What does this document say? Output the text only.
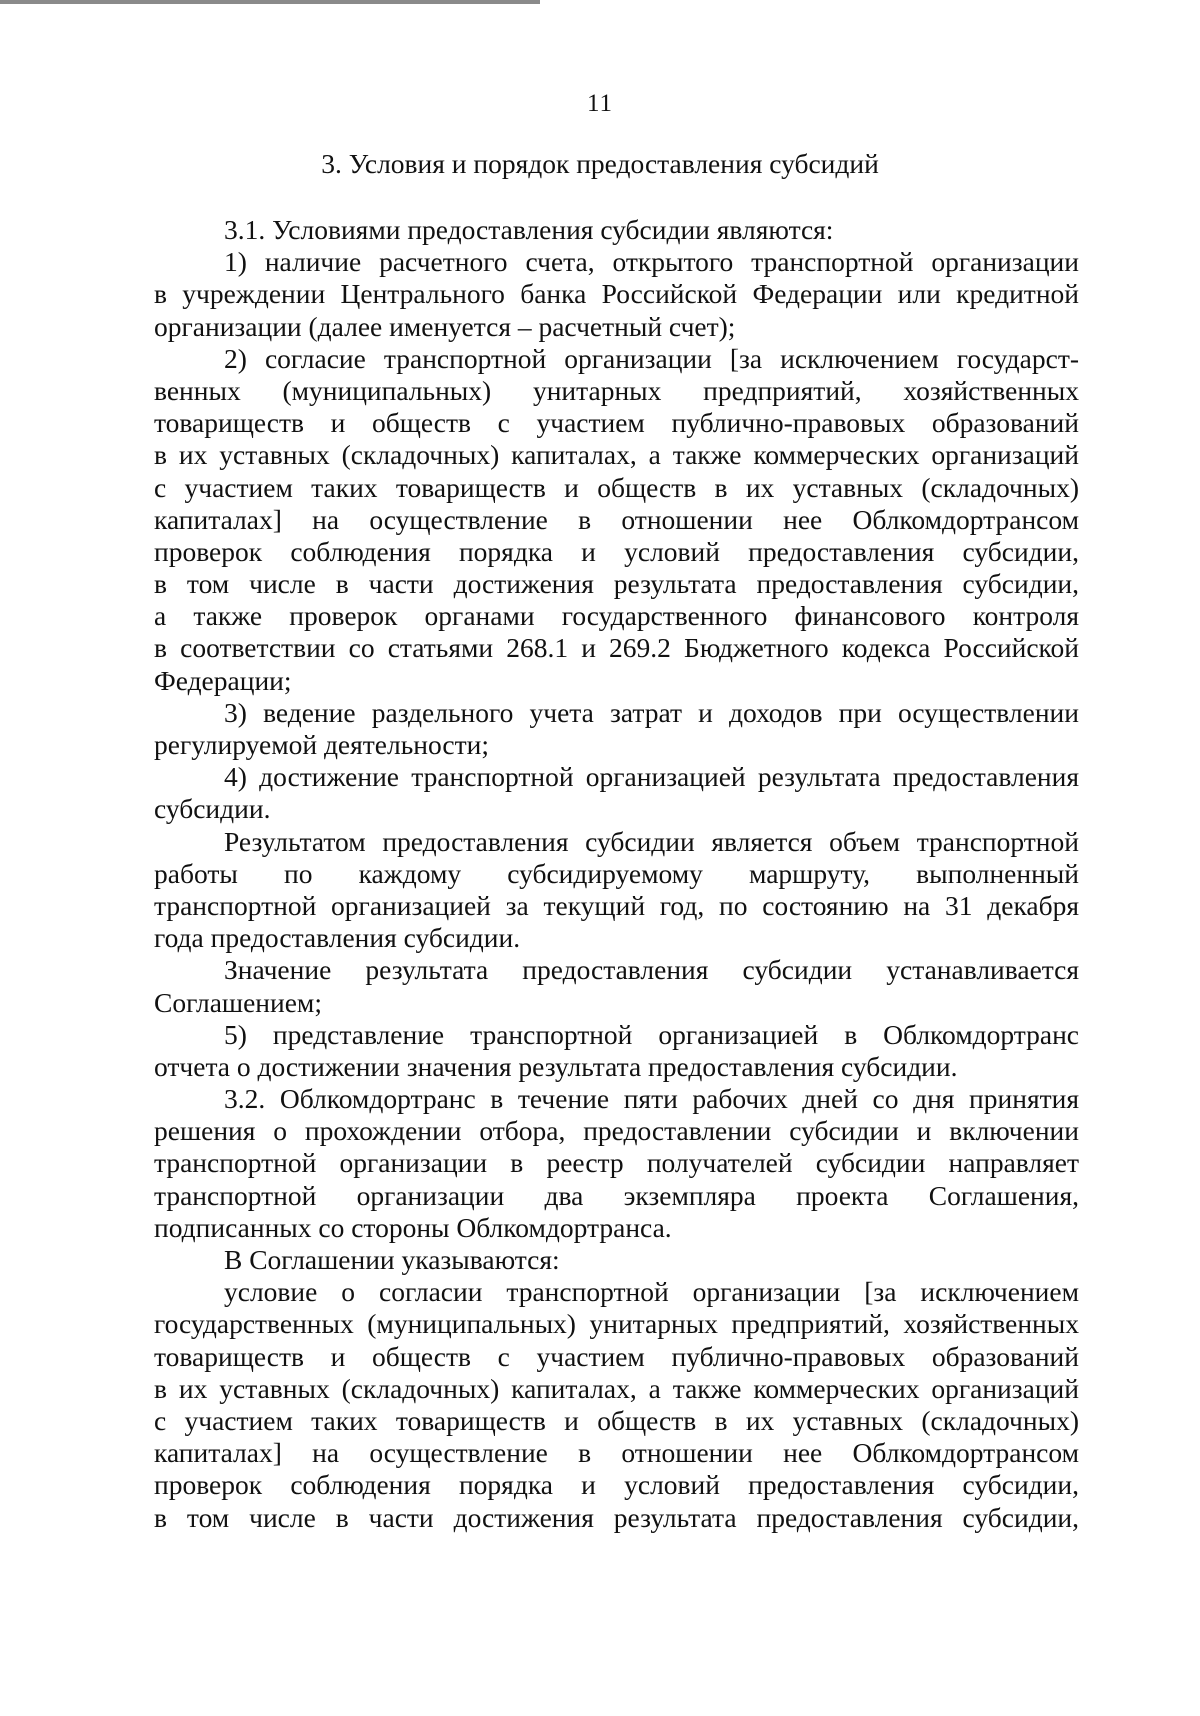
11
3. Условия и порядок предоставления субсидий
3.1. Условиями предоставления субсидии являются:
1) наличие расчетного счета, открытого транспортной организации
в учреждении Центрального банка Российской Федерации или кредитной
организации (далее именуется – расчетный счет);
2) согласие транспортной организации [за исключением государст-
венных (муниципальных) унитарных предприятий, хозяйственных
товариществ и обществ с участием публично-правовых образований
в их уставных (складочных) капиталах, а также коммерческих организаций
с участием таких товариществ и обществ в их уставных (складочных)
капиталах] на осуществление в отношении нее Облкомдортрансом
проверок соблюдения порядка и условий предоставления субсидии,
в том числе в части достижения результата предоставления субсидии,
а также проверок органами государственного финансового контроля
в соответствии со статьями 268.1 и 269.2 Бюджетного кодекса Российской
Федерации;
3) ведение раздельного учета затрат и доходов при осуществлении
регулируемой деятельности;
4) достижение транспортной организацией результата предоставления
субсидии.
Результатом предоставления субсидии является объем транспортной
работы по каждому субсидируемому маршруту, выполненный
транспортной организацией за текущий год, по состоянию на 31 декабря
года предоставления субсидии.
Значение результата предоставления субсидии устанавливается
Соглашением;
5) представление транспортной организацией в Облкомдортранс
отчета о достижении значения результата предоставления субсидии.
3.2. Облкомдортранс в течение пяти рабочих дней со дня принятия
решения о прохождении отбора, предоставлении субсидии и включении
транспортной организации в реестр получателей субсидии направляет
транспортной организации два экземпляра проекта Соглашения,
подписанных со стороны Облкомдортранса.
В Соглашении указываются:
условие о согласии транспортной организации [за исключением
государственных (муниципальных) унитарных предприятий, хозяйственных
товариществ и обществ с участием публично-правовых образований
в их уставных (складочных) капиталах, а также коммерческих организаций
с участием таких товариществ и обществ в их уставных (складочных)
капиталах] на осуществление в отношении нее Облкомдортрансом
проверок соблюдения порядка и условий предоставления субсидии,
в том числе в части достижения результата предоставления субсидии,
